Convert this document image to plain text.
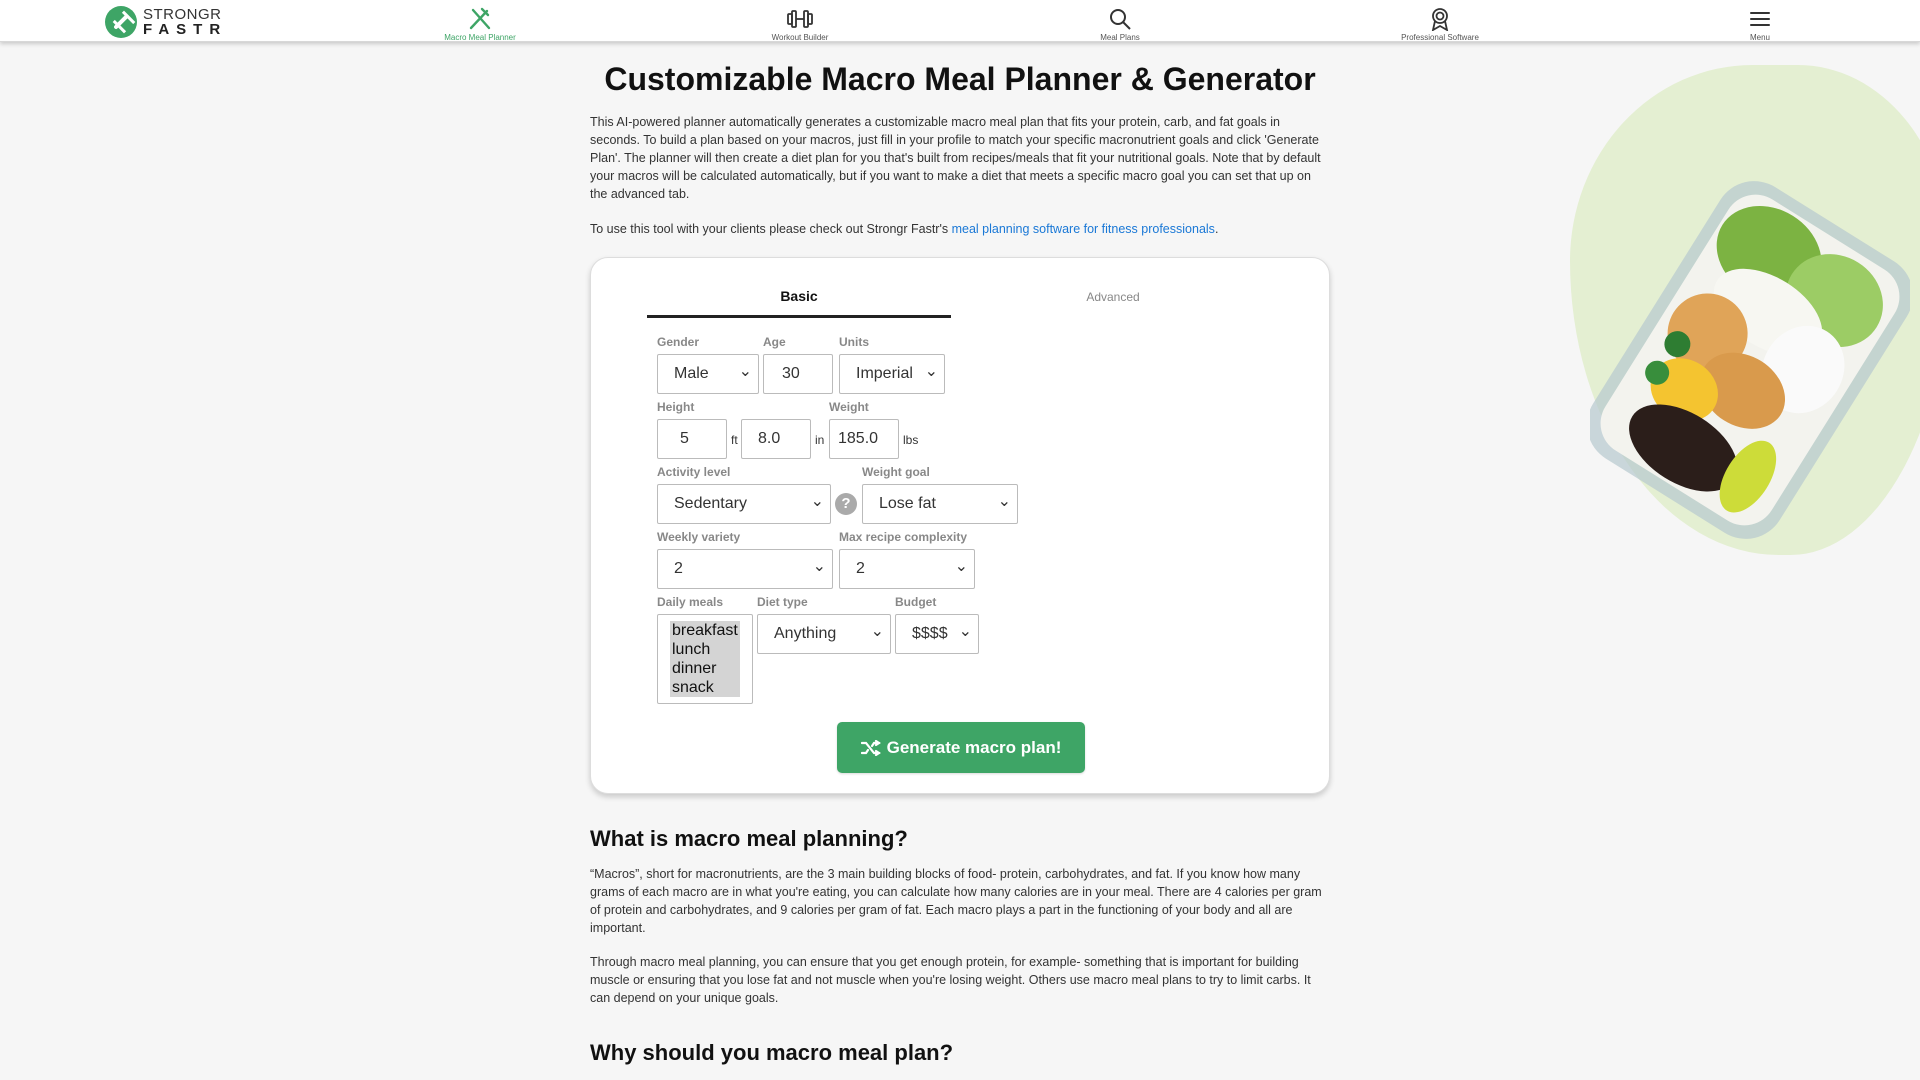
STRONGR
FASTR	Macro Meal Planner	Workout Builder	Meal Plans	Professional Software	Menu
Customizable Macro Meal Planner & Generator

This AI-powered planner automatically generates a customizable macro meal plan that fits your protein, carb, and fat goals in seconds. To build a plan based on your macros, just fill in your profile to match your specific macronutrient goals and click 'Generate Plan'. The planner will then create a diet plan for you that's built from recipes/meals that fit your nutritional goals. Note that by default your macros will be calculated automatically, but if you want to make a diet that meets a specific macro goal you can set that up on the advanced tab.

To use this tool with your clients please check out Strongr Fastr's meal planning software for fitness professionals.

Basic	Advanced
Gender
Male ⌄
Age
30
Units
Imperial ⌄
Height
5	ft	8.0	in
Weight
185.0	lbs
Activity level
Sedentary ⌄	?
Weight goal
Lose fat ⌄
Weekly variety
2 ⌄
Max recipe complexity
2 ⌄
Daily meals
breakfast
lunch
dinner
snack
Diet type
Anything ⌄
Budget
$$$$ ⌄
Generate macro plan!
What is macro meal planning?

“Macros”, short for macronutrients, are the 3 main building blocks of food- protein, carbohydrates, and fat. If you know how many grams of each macro are in what you're eating, you can calculate how many calories are in your meal. There are 4 calories per gram of protein and carbohydrates, and 9 calories per gram of fat. Each macro plays a part in the functioning of your body and all are important.

Through macro meal planning, you can ensure that you get enough protein, for example- something that is important for building muscle or ensuring that you lose fat and not muscle when you're losing weight. Others use macro meal plans to try to limit carbs. It can depend on your unique goals.

Why should you macro meal plan?
